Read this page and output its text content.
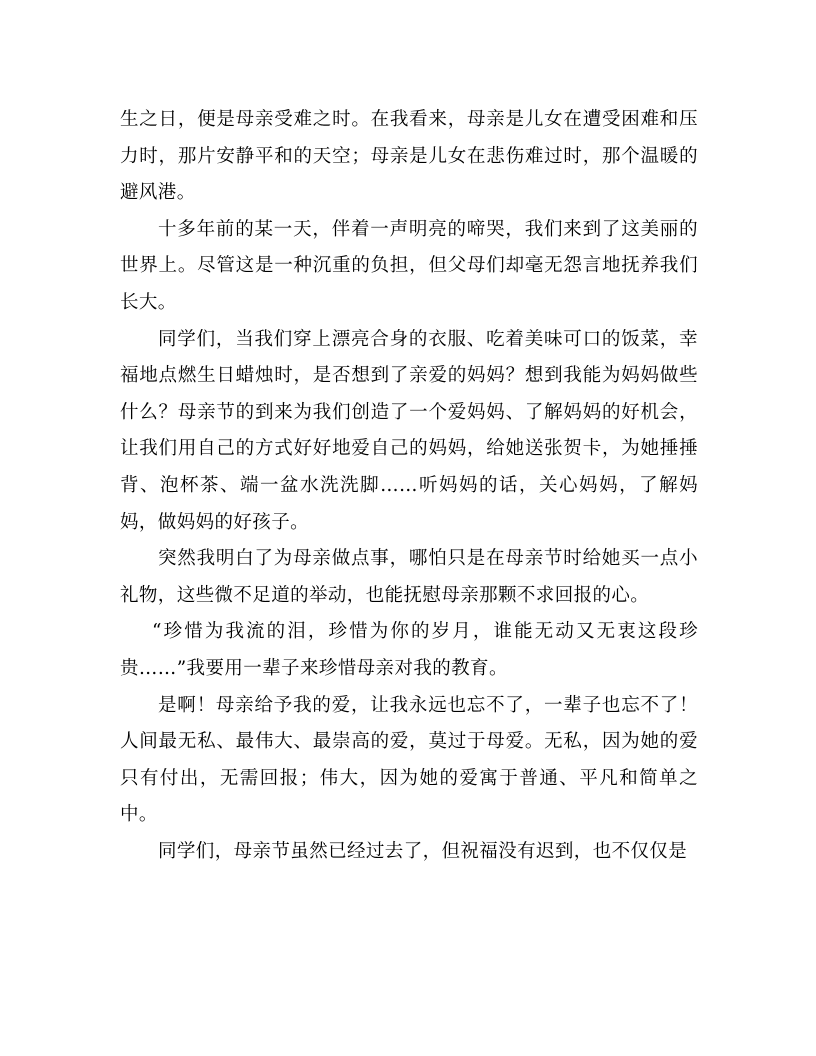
生之日，便是母亲受难之时。在我看来，母亲是儿女在遭受困难和压力时，那片安静平和的天空；母亲是儿女在悲伤难过时，那个温暖的避风港。

十多年前的某一天，伴着一声明亮的啼哭，我们来到了这美丽的世界上。尽管这是一种沉重的负担，但父母们却毫无怨言地抚养我们长大。

同学们，当我们穿上漂亮合身的衣服、吃着美味可口的饭菜，幸福地点燃生日蜡烛时，是否想到了亲爱的妈妈？想到我能为妈妈做些什么？母亲节的到来为我们创造了一个爱妈妈、了解妈妈的好机会，让我们用自己的方式好好地爱自己的妈妈，给她送张贺卡，为她捶捶背、泡杯茶、端一盆水洗洗脚……听妈妈的话，关心妈妈，了解妈妈，做妈妈的好孩子。

突然我明白了为母亲做点事，哪怕只是在母亲节时给她买一点小礼物，这些微不足道的举动，也能抚慰母亲那颗不求回报的心。

“珍惜为我流的泪，珍惜为你的岁月，谁能无动又无衷这段珍贵……”我要用一辈子来珍惜母亲对我的教育。

是啊！母亲给予我的爱，让我永远也忘不了，一辈子也忘不了！人间最无私、最伟大、最崇高的爱，莫过于母爱。无私，因为她的爱只有付出，无需回报；伟大，因为她的爱寓于普通、平凡和简单之中。

同学们，母亲节虽然已经过去了，但祝福没有迟到，也不仅仅是
